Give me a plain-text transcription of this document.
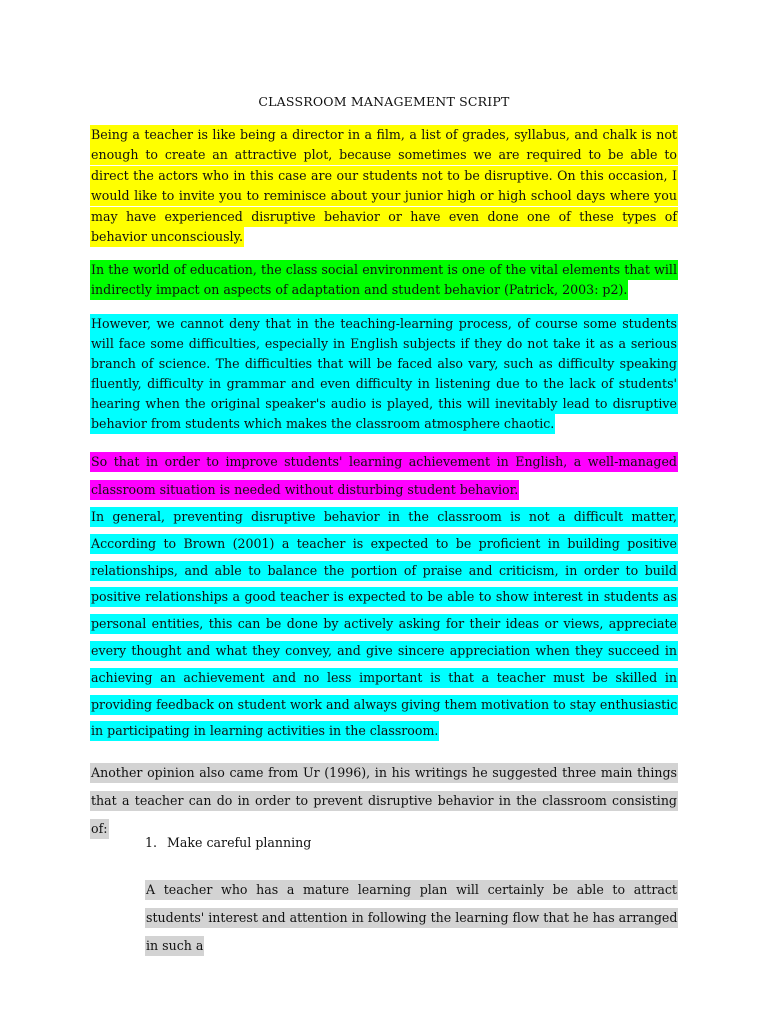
CLASSROOM MANAGEMENT SCRIPT

Being a teacher is like being a director in a film, a list of grades, syllabus, and chalk is not enough to create an attractive plot, because sometimes we are required to be able to direct the actors who in this case are our students not to be disruptive. On this occasion, I would like to invite you to reminisce about your junior high or high school days where you may have experienced disruptive behavior or have even done one of these types of behavior unconsciously.

In the world of education, the class social environment is one of the vital elements that will indirectly impact on aspects of adaptation and student behavior (Patrick, 2003: p2).

However, we cannot deny that in the teaching-learning process, of course some students will face some difficulties, especially in English subjects if they do not take it as a serious branch of science. The difficulties that will be faced also vary, such as difficulty speaking fluently, difficulty in grammar and even difficulty in listening due to the lack of students' hearing when the original speaker's audio is played, this will inevitably lead to disruptive behavior from students which makes the classroom atmosphere chaotic.

So that in order to improve students' learning achievement in English, a well-managed classroom situation is needed without disturbing student behavior.

In general, preventing disruptive behavior in the classroom is not a difficult matter, According to Brown (2001) a teacher is expected to be proficient in building positive relationships, and able to balance the portion of praise and criticism, in order to build positive relationships a good teacher is expected to be able to show interest in students as personal entities, this can be done by actively asking for their ideas or views, appreciate every thought and what they convey, and give sincere appreciation when they succeed in achieving an achievement and no less important is that a teacher must be skilled in providing feedback on student work and always giving them motivation to stay enthusiastic in participating in learning activities in the classroom.

Another opinion also came from Ur (1996), in his writings he suggested three main things that a teacher can do in order to prevent disruptive behavior in the classroom consisting of:

1. Make careful planning

A teacher who has a mature learning plan will certainly be able to attract students' interest and attention in following the learning flow that he has arranged in such a
